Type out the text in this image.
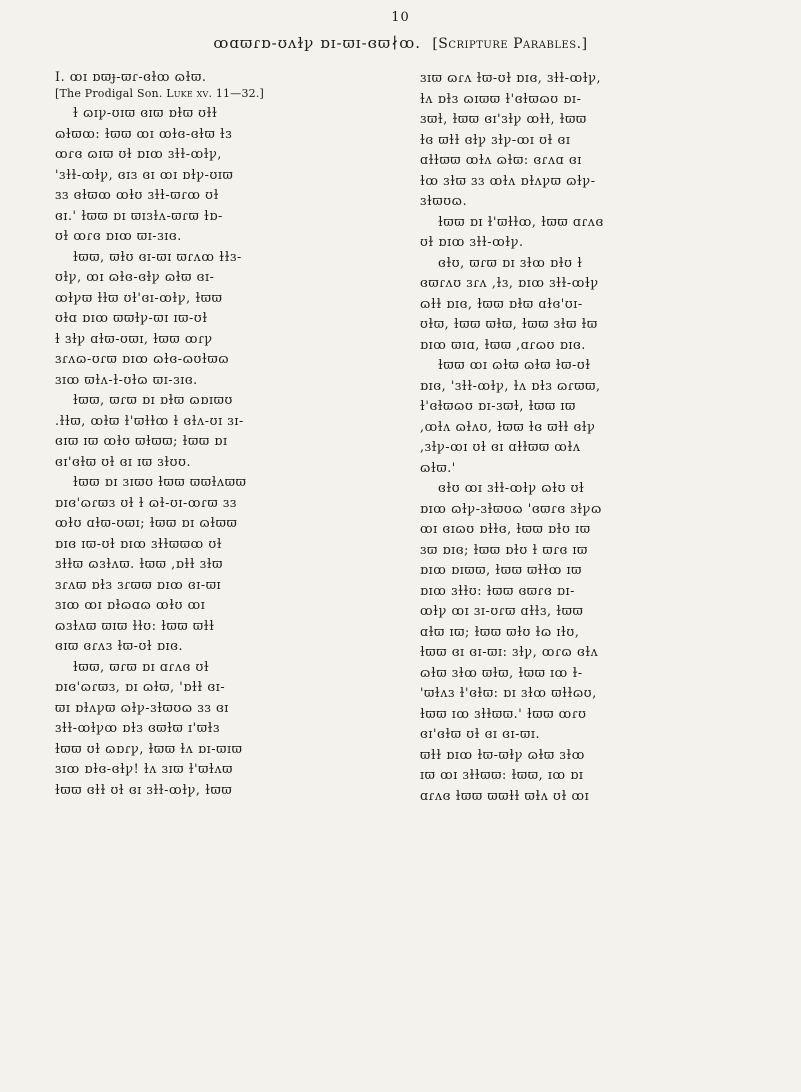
10
ꝏɑϖɾɒ-ʊʌɫꝩ ɒɪ-ϖɪ-ɞϖ∤ꝏ. [Scripture Parables.]
I. ꝏɪ ɒϖɟ-ϖɾ-ɞɫꝏ ɷɫϖ.
[The Prodigal Son. Luke xv. 11—32.]
ɫ ɷɪꝩ-ʊɪϖ ɞɪϖ ɒɫϖ ʊɫɫ
ɷɫϖꝏ: ɫϖϖ ꝏɪ ꝏɫɞ-ɞɫϖ ɫɜ
ꝏɾɞ ɷɪϖ ʊɫ ɒɪꝏ ɜɫɫ-ꝏɫꝩ,
'ɜɫɫ-ꝏɫꝩ, ɞɪɜ ɞɪ ꝏɪ ɒɫꝩ-ʊɪϖ
ɜɜ ɞɫϖꝏ ꝏɫʊ ɜɫɫ-ϖɾꝏ ʊɫ
ɞɪ.' ɫϖϖ ɒɪ ϖɪɜɫʌ-ϖɾϖ ɫɒ-
ʊɫ ꝏɾɞ ɒɪꝏ ϖɪ-ɜɪɞ.
ɫϖϖ, ϖɫʊ ɞɪ-ϖɪ ϖɾʌꝏ ɫɫɜ-
ʊɫꝩ, ꝏɪ ɷɫɞ-ɞɫꝩ ɷɫϖ ɞɪ-
ꝏɫꝩϖ ɫɫϖ ʊɫ'ɞɪ-ꝏɫꝩ, ɫϖϖ
ʊɫɑ ɒɪꝏ ϖϖɫꝩ-ϖɪ ɪϖ-ʊɫ
ɫ ɜɫꝩ ɑɫϖ-ʊϖɪ, ɫϖϖ ꝏɾꝩ
ɜɾʌɷ-ʊɾϖ ɒɪꝏ ɷɫɞ-ɷʊɫϖɷ
ɜɪꝏ ϖɫʌ-ɫ-ʊɫɷ ϖɪ-ɜɪɞ.
ɫϖϖ, ϖɾϖ ɒɪ ɒɫϖ ɷɒɪϖʊ
.ɫɫϖ, ꝏɫϖ ɫ'ϖɫɫꝏ ɫ ɞɫʌ-ʊɪ ɜɪ-
ɞɪϖ ɪϖ ꝏɫʊ ϖɫϖϖ; ɫϖϖ ɒɪ
ɞɪ'ɞɫϖ ʊɫ ɞɪ ɪϖ ɜɫʊʊ.
ɫϖϖ ɒɪ ɜɪϖʊ ɫϖϖ ϖϖɫʌϖϖ
ɒɪɞ'ɷɾϖɜ ʊɫ ɫ ɷɫ-ʊɪ-ꝏɾϖ ɜɜ
ꝏɫʊ ɑɫϖ-ʊϖɪ; ɫϖϖ ɒɪ ɷɫϖϖ
ɒɪɞ ɪϖ-ʊɫ ɒɪꝏ ɜɫɫϖϖꝏ ʊɫ
ɜɫɫϖ ɷɜɫʌϖ. ɫϖϖ ,ɒɫɫ ɜɫϖ
ɜɾʌϖ ɒɫɜ ɜɾϖϖ ɒɪꝏ ɞɪ-ϖɪ
ɜɪꝏ ꝏɪ ɒɫɷɑɷ ꝏɫʊ ꝏɪ
ɷɜɫʌϖ ϖɪϖ ɫɫʊ: ɫϖϖ ϖɫɫ
ɞɪϖ ɞɾʌɜ ɫϖ-ʊɫ ɒɪɞ.
ɫϖϖ, ϖɾϖ ɒɪ ɑɾʌɞ ʊɫ
ɒɪɞ'ɷɾϖɜ, ɒɪ ɷɫϖ, 'ɒɫɫ ɞɪ-
ϖɪ ɒɫʌꝩϖ ɷɫꝩ-ɜɫϖʊɷ ɜɜ ɞɪ
ɜɫɫ-ꝏɫꝩꝏ ɒɫɜ ɞϖɫϖ ɪ'ϖɫɜ
ɫϖϖ ʊɫ ɷɒɾꝩ, ɫϖϖ ɫʌ ɒɪ-ϖɪϖ
ɜɪꝏ ɒɫɞ-ɞɫꝩ! ɫʌ ɜɪϖ ɫ'ϖɫʌϖ
ɫϖϖ ɞɫɫ ʊɫ ɞɪ ɜɫɫ-ꝏɫꝩ, ɫϖϖ
ɜɪϖ ɷɾʌ ɫϖ-ʊɫ ɒɪɞ, ɜɫɫ-ꝏɫꝩ,
ɫʌ ɒɫɜ ɷɪϖϖ ɫ'ɞɫϖɷʊ ɒɪ-
ɜϖɫ, ɫϖϖ ɞɪ'ɜɫꝩ ꝏɫɫ, ɫϖϖ
ɫɞ ϖɫɫ ɞɫꝩ ɜɫꝩ-ꝏɪ ʊɫ ɞɪ
ɑɫɫϖϖ ꝏɫʌ ɷɫϖ: ɞɾʌɑ ɞɪ
ɫꝏ ɜɫϖ ɜɜ ꝏɫʌ ɒɫʌꝩϖ ɷɫꝩ-
ɜɫϖʊɷ.
ɫϖϖ ɒɪ ɫ'ϖɫɫꝏ, ɫϖϖ ɑɾʌɞ
ʊɫ ɒɪꝏ ɜɫɫ-ꝏɫꝩ.
ɞɫʊ, ϖɾϖ ɒɪ ɜɫꝏ ɒɫʊ ɫ
ɞϖɾʌʊ ɜɾʌ ,ɫɜ, ɒɪꝏ ɜɫɫ-ꝏɫꝩ
ɷɫɫ ɒɪɞ, ɫϖϖ ɒɫϖ ɑɫɞ'ʊɪ-
ʊɫϖ, ɫϖϖ ϖɫϖ, ɫϖϖ ɜɫϖ ɫϖ
ɒɪꝏ ϖɪɑ, ɫϖϖ ,ɑɾɷʊ ɒɪɞ.
ɫϖϖ ꝏɪ ɷɫϖ ɷɫϖ ɫϖ-ʊɫ
ɒɪɞ, 'ɜɫɫ-ꝏɫꝩ, ɫʌ ɒɫɜ ɷɾϖϖ,
ɫ'ɞɫϖɷʊ ɒɪ-ɜϖɫ, ɫϖϖ ɪϖ
,ꝏɫʌ ɷɫʌʊ, ɫϖϖ ɫɞ ϖɫɫ ɞɫꝩ
,ɜɫꝩ-ꝏɪ ʊɫ ɞɪ ɑɫɫϖϖ ꝏɫʌ
ɷɫϖ.'
ɞɫʊ ꝏɪ ɜɫɫ-ꝏɫꝩ ɷɫʊ ʊɫ
ɒɪꝏ ɷɫꝩ-ɜɫϖʊɷ 'ɞϖɾɞ ɜɫꝩɷ
ꝏɪ ɞɪɷʊ ɒɫɫɞ, ɫϖϖ ɒɫʊ ɪϖ
ɜϖ ɒɪɞ; ɫϖϖ ɒɫʊ ɫ ϖɾɞ ɪϖ
ɒɪꝏ ɒɪϖϖ, ɫϖϖ ϖɫɫꝏ ɪϖ
ɒɪꝏ ɜɫɫʊ: ɫϖϖ ɞϖɾɞ ɒɪ-
ꝏɫꝩ ꝏɪ ɜɪ-ʊɾϖ ɑɫɫɜ, ɫϖϖ
ɑɫϖ ɪϖ; ɫϖϖ ϖɫʊ ɫɷ ɪɫʊ,
ɫϖϖ ɞɪ ɞɪ-ϖɪ: ɜɫꝩ, ꝏɾɷ ɞɫʌ
ɷɫϖ ɜɫꝏ ϖɫϖ, ɫϖϖ ɪꝏ ɫ-
'ϖɫʌɜ ɫ'ɞɫϖ: ɒɪ ɜɫꝏ ϖɫɫɷʊ,
ɫϖϖ ɪꝏ ɜɫɫϖϖ.' ɫϖϖ ꝏɾʊ
ɞɪ'ɞɫϖ ʊɫ ɞɪ ɞɪ-ϖɪ.
ϖɫɫ ɒɪꝏ ɫϖ-ϖɫꝩ ɷɫϖ ɜɫꝏ
ɪϖ ꝏɪ ɜɫɫϖϖ: ɫϖϖ, ɪꝏ ɒɪ
ɑɾʌɞ ɫϖϖ ϖϖɫɫ ϖɫʌ ʊɫ ꝏɪ
